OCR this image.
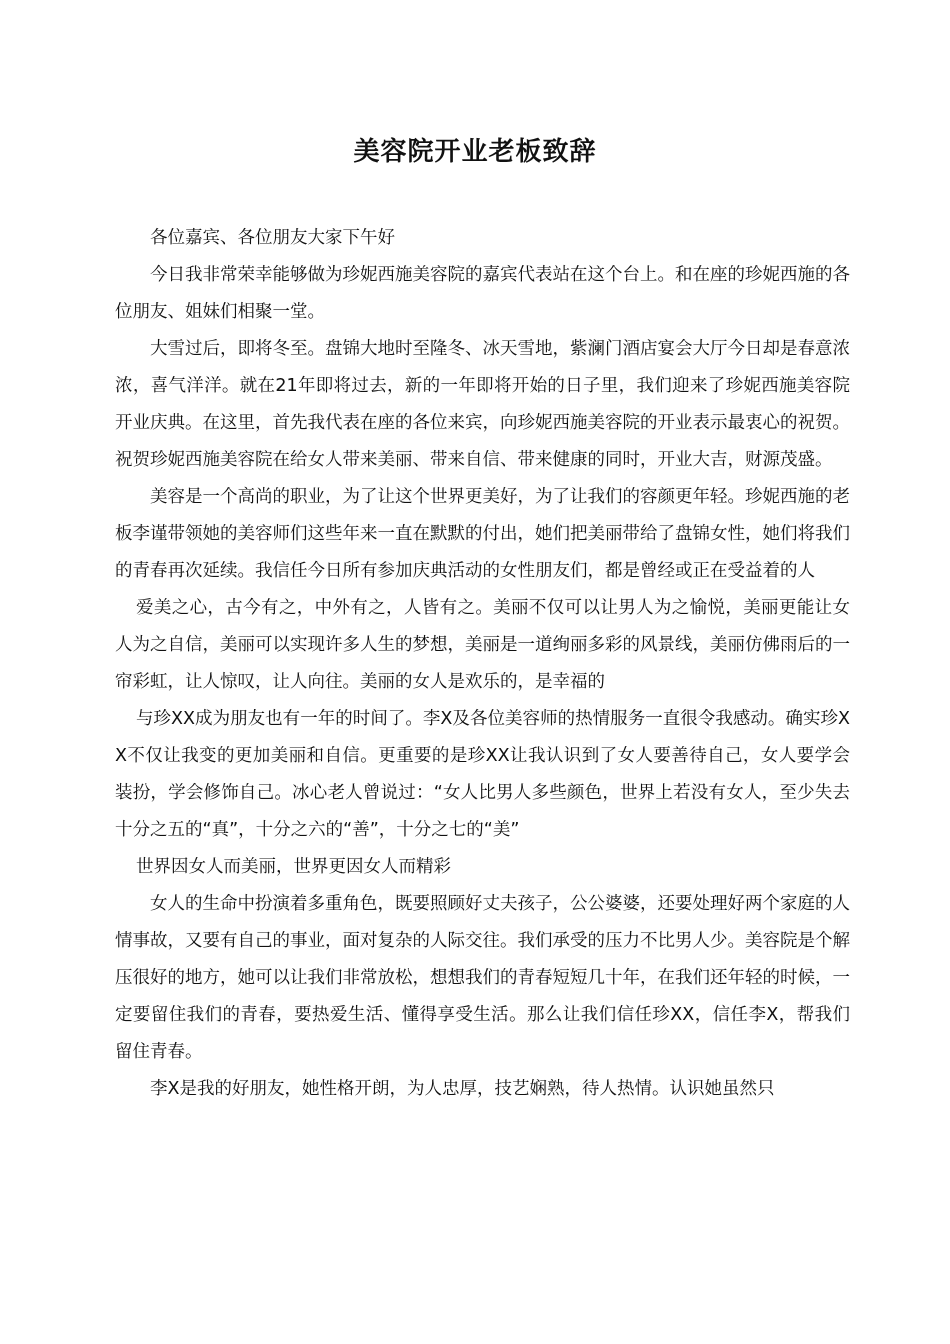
美容院开业老板致辞

各位嘉宾、各位朋友大家下午好

今日我非常荣幸能够做为珍妮西施美容院的嘉宾代表站在这个台上。和在座的珍妮西施的各位朋友、姐妹们相聚一堂。

大雪过后，即将冬至。盘锦大地时至隆冬、冰天雪地，紫澜门酒店宴会大厅今日却是春意浓浓，喜气洋洋。就在21年即将过去，新的一年即将开始的日子里，我们迎来了珍妮西施美容院开业庆典。在这里，首先我代表在座的各位来宾，向珍妮西施美容院的开业表示最衷心的祝贺。祝贺珍妮西施美容院在给女人带来美丽、带来自信、带来健康的同时，开业大吉，财源茂盛。

美容是一个高尚的职业，为了让这个世界更美好，为了让我们的容颜更年轻。珍妮西施的老板李谨带领她的美容师们这些年来一直在默默的付出，她们把美丽带给了盘锦女性，她们将我们的青春再次延续。我信任今日所有参加庆典活动的女性朋友们，都是曾经或正在受益着的人

爱美之心，古今有之，中外有之，人皆有之。美丽不仅可以让男人为之愉悦，美丽更能让女人为之自信，美丽可以实现许多人生的梦想，美丽是一道绚丽多彩的风景线，美丽仿佛雨后的一帘彩虹，让人惊叹，让人向往。美丽的女人是欢乐的，是幸福的

与珍XX成为朋友也有一年的时间了。李X及各位美容师的热情服务一直很令我感动。确实珍XX不仅让我变的更加美丽和自信。更重要的是珍XX让我认识到了女人要善待自己，女人要学会装扮，学会修饰自己。冰心老人曾说过：“女人比男人多些颜色，世界上若没有女人，至少失去十分之五的“真”，十分之六的“善”，十分之七的“美”

世界因女人而美丽，世界更因女人而精彩

女人的生命中扮演着多重角色，既要照顾好丈夫孩子，公公婆婆，还要处理好两个家庭的人情事故，又要有自己的事业，面对复杂的人际交往。我们承受的压力不比男人少。美容院是个解压很好的地方，她可以让我们非常放松，想想我们的青春短短几十年，在我们还年轻的时候，一定要留住我们的青春，要热爱生活、懂得享受生活。那么让我们信任珍XX，信任李X，帮我们留住青春。

李X是我的好朋友，她性格开朗，为人忠厚，技艺娴熟，待人热情。认识她虽然只
